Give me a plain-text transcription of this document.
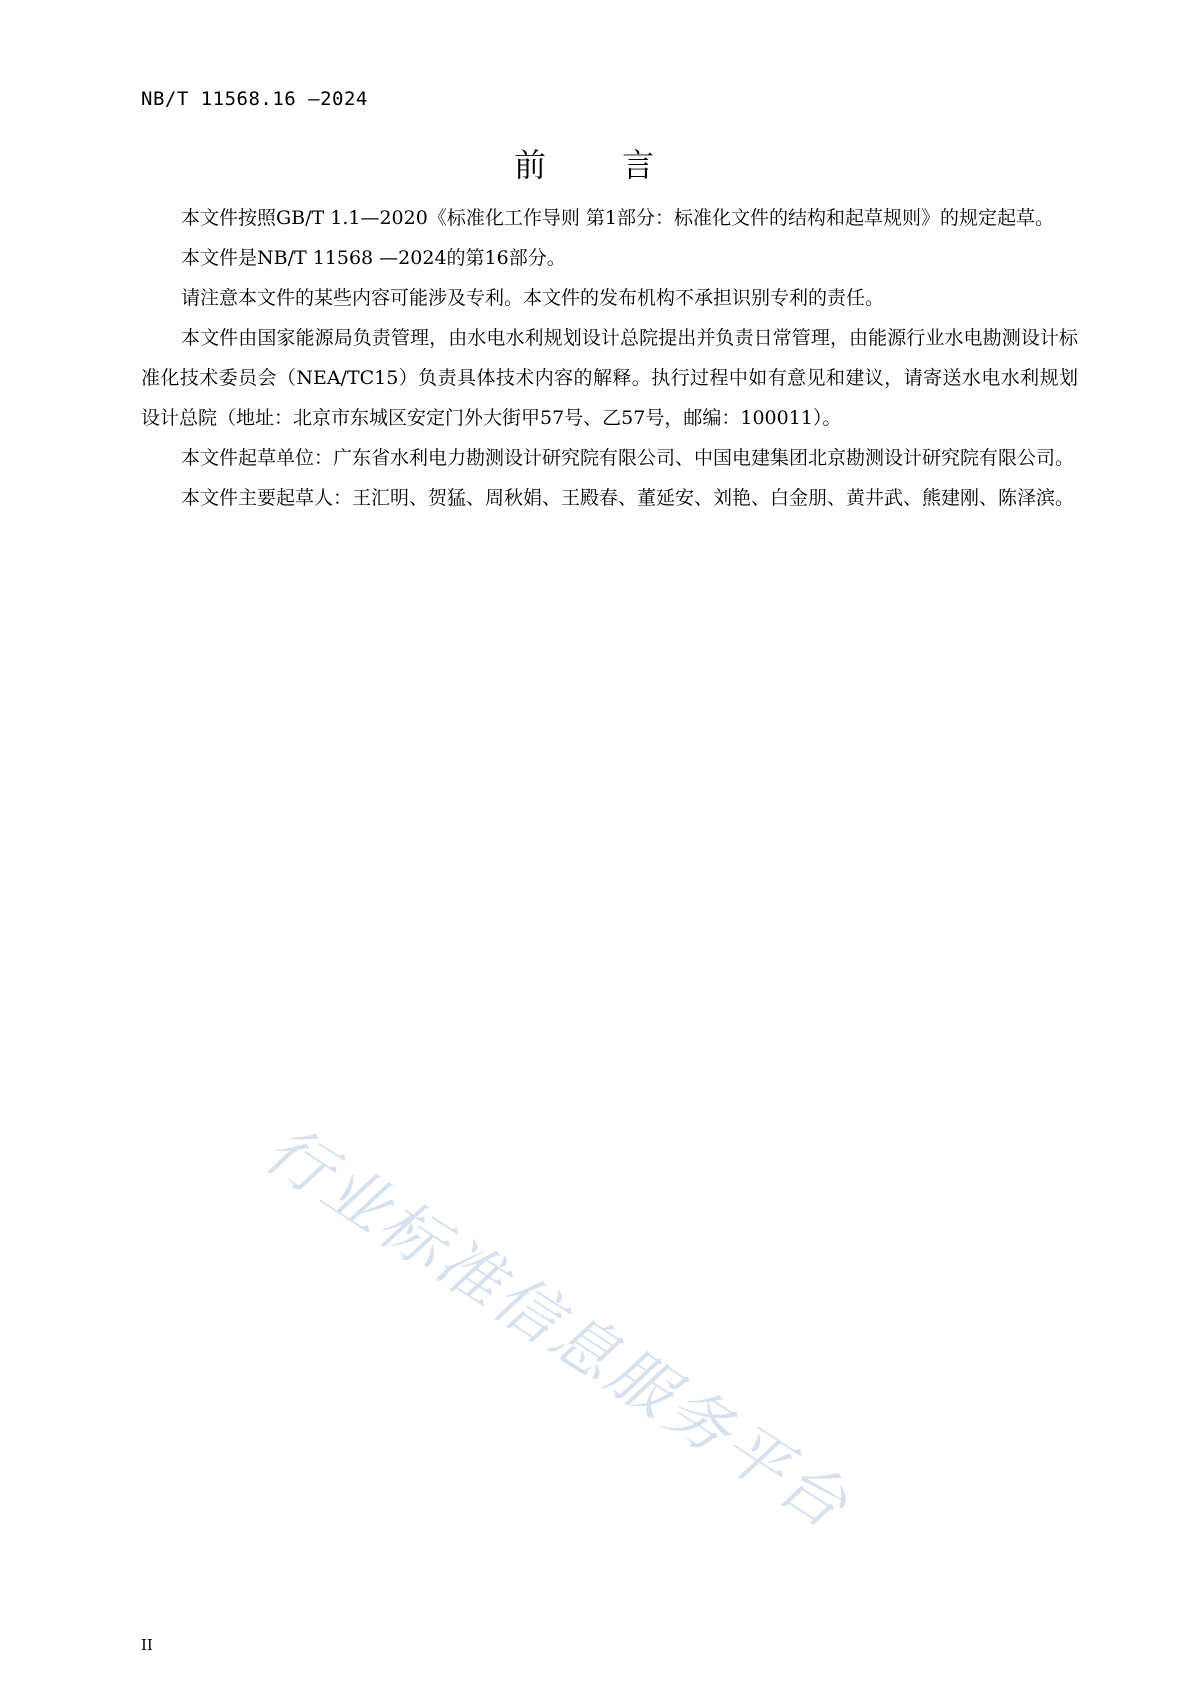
NB/T 11568.16 —2024
前　言

本文件按照GB/T 1.1—2020《标准化工作导则 第1部分：标准化文件的结构和起草规则》的规定起草。

本文件是NB/T 11568 —2024的第16部分。

请注意本文件的某些内容可能涉及专利。本文件的发布机构不承担识别专利的责任。

本文件由国家能源局负责管理，由水电水利规划设计总院提出并负责日常管理，由能源行业水电勘测设计标准化技术委员会（NEA/TC15）负责具体技术内容的解释。执行过程中如有意见和建议，请寄送水电水利规划设计总院（地址：北京市东城区安定门外大街甲57号、乙57号，邮编：100011）。

本文件起草单位：广东省水利电力勘测设计研究院有限公司、中国电建集团北京勘测设计研究院有限公司。

本文件主要起草人：王汇明、贺猛、周秋娟、王殿春、董延安、刘艳、白金朋、黄井武、熊建刚、陈泽滨。

行业标准信息服务平台
II
